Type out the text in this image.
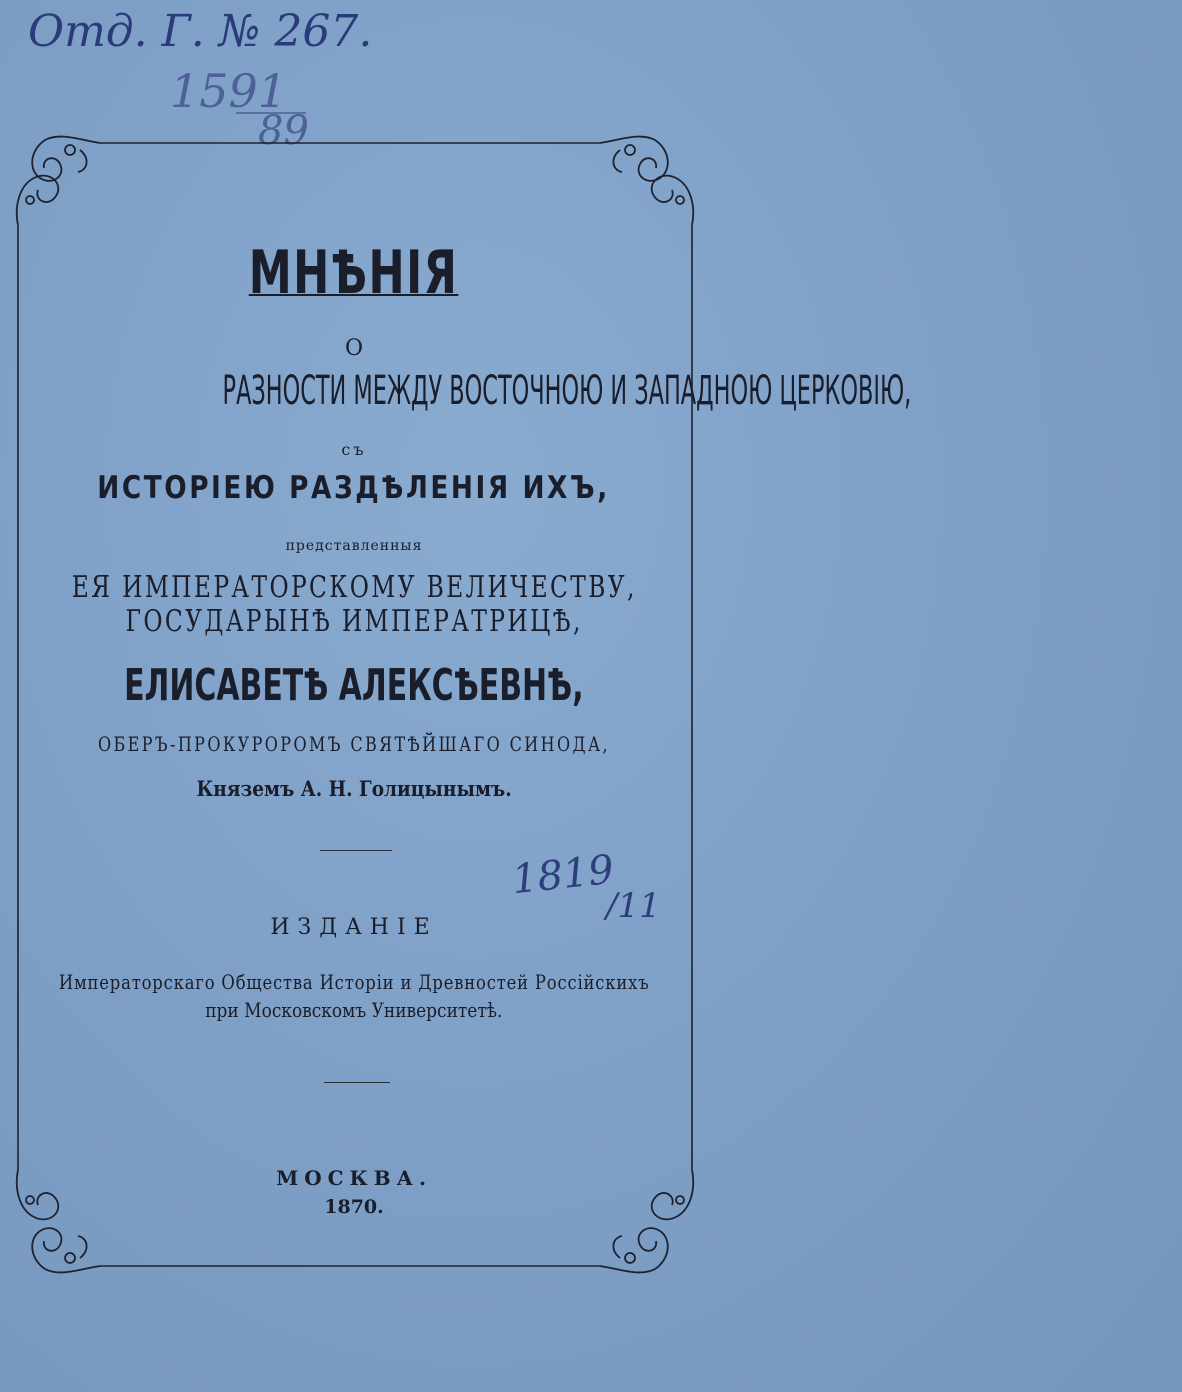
Отд. Г. № 267.
1591
89
МНѢНІЯ
О
РАЗНОСТИ МЕЖДУ ВОСТОЧНОЮ И ЗАПАДНОЮ ЦЕРКОВІЮ,
съ
ИСТОРІЕЮ РАЗДѢЛЕНІЯ ИХЪ,
представленныя
ЕЯ ИМПЕРАТОРСКОМУ ВЕЛИЧЕСТВУ,
ГОСУДАРЫНѢ ИМПЕРАТРИЦѢ,
ЕЛИСАВЕТѢ АЛЕКСѢЕВНѢ,
ОБЕРЪ-ПРОКУРОРОМЪ СВЯТѢЙШАГО СИНОДА,
Княземъ А. Н. Голицынымъ.
1819
/11
ИЗДАНІЕ
Императорскаго Общества Исторіи и Древностей Россійскихъ
при Московскомъ Университетѣ.
МОСКВА.
1870.
